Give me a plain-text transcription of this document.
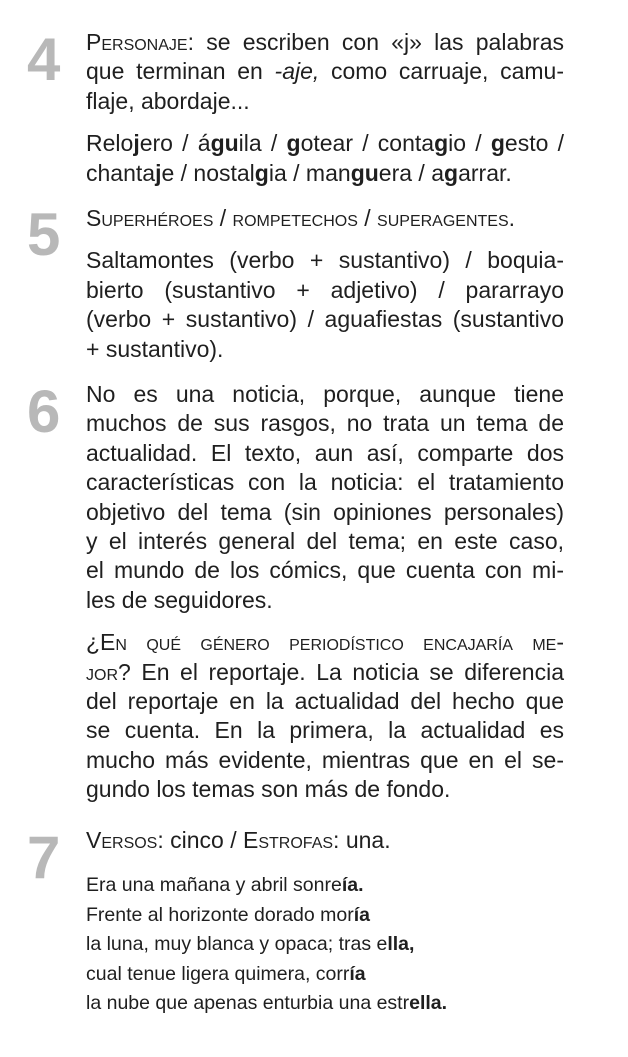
4 Personaje: se escriben con «j» las palabras
que terminan en -aje, como carruaje, camu-
flaje, abordaje...

Relojero / águila / gotear / contagio / gesto /
chantaje / nostalgia / manguera / agarrar.

5 Superhéroes / rompetechos / superagentes.

Saltamontes (verbo + sustantivo) / boquia-
bierto (sustantivo + adjetivo) / pararrayo
(verbo + sustantivo) / aguafiestas (sustantivo
+ sustantivo).

6 No es una noticia, porque, aunque tiene
muchos de sus rasgos, no trata un tema de
actualidad. El texto, aun así, comparte dos
características con la noticia: el tratamiento
objetivo del tema (sin opiniones personales)
y el interés general del tema; en este caso,
el mundo de los cómics, que cuenta con mi-
les de seguidores.

¿En qué género periodístico encajaría me-
jor? En el reportaje. La noticia se diferencia
del reportaje en la actualidad del hecho que
se cuenta. En la primera, la actualidad es
mucho más evidente, mientras que en el se-
gundo los temas son más de fondo.

7 Versos: cinco / Estrofas: una.

Era una mañana y abril sonreía.
Frente al horizonte dorado moría
la luna, muy blanca y opaca; tras ella,
cual tenue ligera quimera, corría
la nube que apenas enturbia una estrella.
